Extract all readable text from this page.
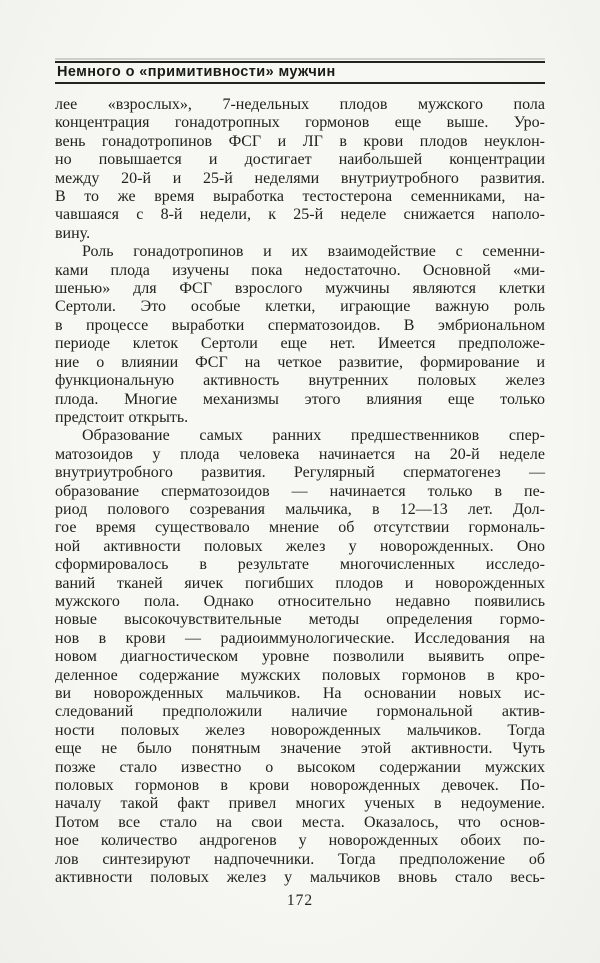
Немного о «примитивности» мужчин
лее «взрослых», 7-недельных плодов мужского пола
концентрация гонадотропных гормонов еще выше. Уро-
вень гонадотропинов ФСГ и ЛГ в крови плодов неуклон-
но повышается и достигает наибольшей концентрации
между 20-й и 25-й неделями внутриутробного развития.
В то же время выработка тестостерона семенниками, на-
чавшаяся с 8-й недели, к 25-й неделе снижается наполо-
вину.
Роль гонадотропинов и их взаимодействие с семенни-
ками плода изучены пока недостаточно. Основной «ми-
шенью» для ФСГ взрослого мужчины являются клетки
Сертоли. Это особые клетки, играющие важную роль
в процессе выработки сперматозоидов. В эмбриональном
периоде клеток Сертоли еще нет. Имеется предположе-
ние о влиянии ФСГ на четкое развитие, формирование и
функциональную активность внутренних половых желез
плода. Многие механизмы этого влияния еще только
предстоит открыть.
Образование самых ранних предшественников спер-
матозоидов у плода человека начинается на 20-й неделе
внутриутробного развития. Регулярный сперматогенез —
образование сперматозоидов — начинается только в пе-
риод полового созревания мальчика, в 12—13 лет. Дол-
гое время существовало мнение об отсутствии гормональ-
ной активности половых желез у новорожденных. Оно
сформировалось в результате многочисленных исследо-
ваний тканей яичек погибших плодов и новорожденных
мужского пола. Однако относительно недавно появились
новые высокочувствительные методы определения гормо-
нов в крови — радиоиммунологические. Исследования на
новом диагностическом уровне позволили выявить опре-
деленное содержание мужских половых гормонов в кро-
ви новорожденных мальчиков. На основании новых ис-
следований предположили наличие гормональной актив-
ности половых желез новорожденных мальчиков. Тогда
еще не было понятным значение этой активности. Чуть
позже стало известно о высоком содержании мужских
половых гормонов в крови новорожденных девочек. По-
началу такой факт привел многих ученых в недоумение.
Потом все стало на свои места. Оказалось, что основ-
ное количество андрогенов у новорожденных обоих по-
лов синтезируют надпочечники. Тогда предположение об
активности половых желез у мальчиков вновь стало весь-
172
